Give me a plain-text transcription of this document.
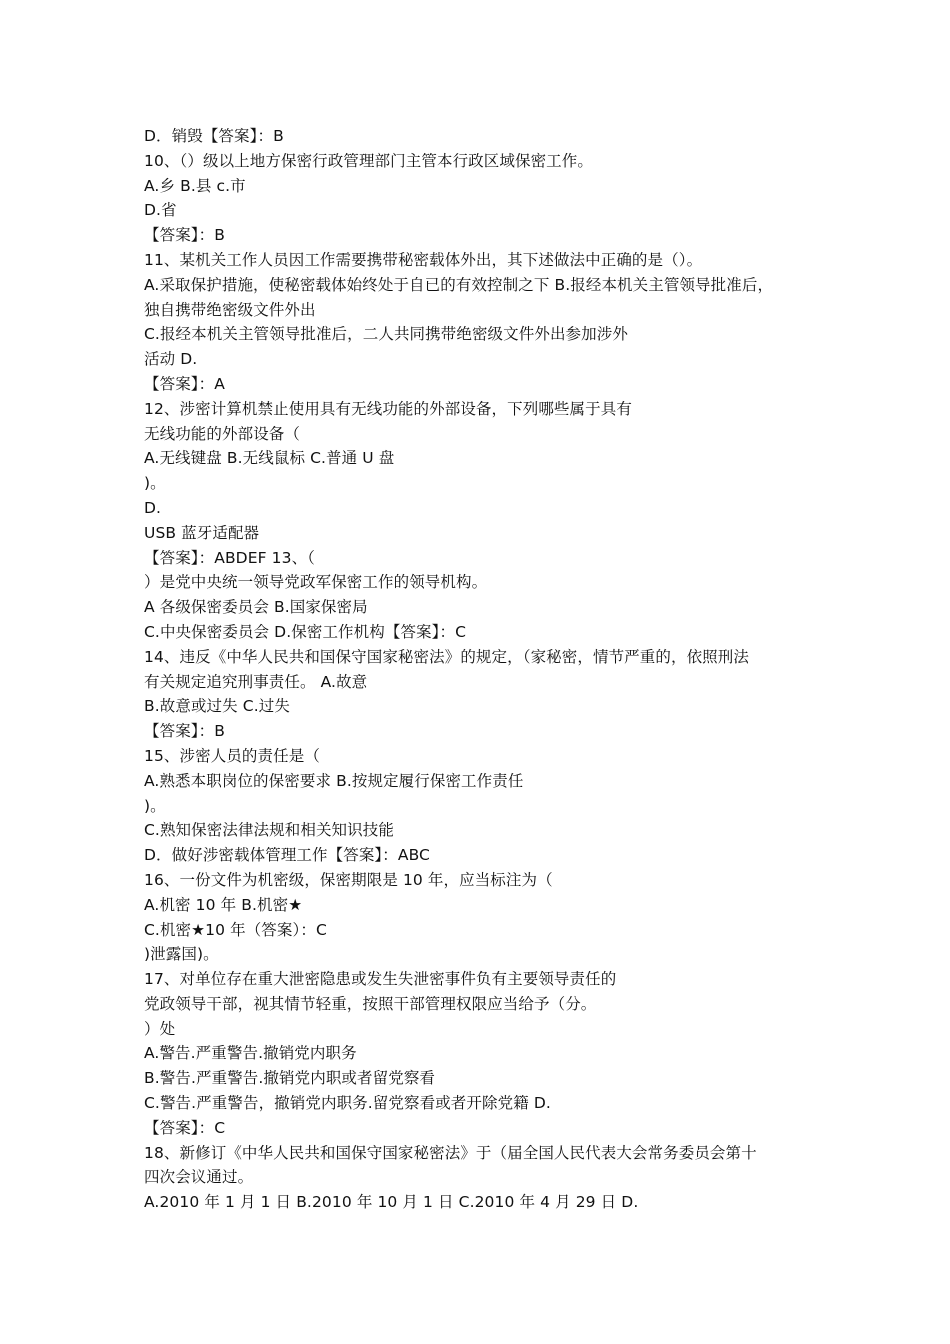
D．销毁【答案】：B
10、（）级以上地方保密行政管理部门主管本行政区域保密工作。
A.乡 B.县 c.市
D.省
【答案】：B
11、某机关工作人员因工作需要携带秘密载体外出，其下述做法中正确的是（）。
A.采取保护措施，使秘密载体始终处于自已的有效控制之下 B.报经本机关主管领导批准后，
独自携带绝密级文件外出
C.报经本机关主管领导批准后，二人共同携带绝密级文件外出参加涉外
活动 D.
【答案】：A
12、涉密计算机禁止使用具有无线功能的外部设备，下列哪些属于具有
无线功能的外部设备（
A.无线键盘 B.无线鼠标 C.普通 U 盘
)。
D.
USB 蓝牙适配器
【答案】：ABDEF 13、（
）是党中央统一领导党政军保密工作的领导机构。
A 各级保密委员会 B.国家保密局
C.中央保密委员会 D.保密工作机构【答案】：C
14、违反《中华人民共和国保守国家秘密法》的规定，（家秘密，情节严重的，依照刑法
有关规定追究刑事责任。 A.故意
B.故意或过失 C.过失
【答案】：B
15、涉密人员的责任是（
A.熟悉本职岗位的保密要求 B.按规定履行保密工作责任
)。
C.熟知保密法律法规和相关知识技能
D．做好涉密载体管理工作【答案】：ABC
16、一份文件为机密级，保密期限是 10 年，应当标注为（
A.机密 10 年 B.机密★
C.机密★10 年（答案）：C
)泄露国)。
17、对单位存在重大泄密隐患或发生失泄密事件负有主要领导责任的
党政领导干部，视其情节轻重，按照干部管理权限应当给予（分。
）处
A.警告.严重警告.撤销党内职务
B.警告.严重警告.撤销党内职或者留党察看
C.警告.严重警告，撤销党内职务.留党察看或者开除党籍 D.
【答案】：C
18、新修订《中华人民共和国保守国家秘密法》于（届全国人民代表大会常务委员会第十
四次会议通过。
A.2010 年 1 月 1 日 B.2010 年 10 月 1 日 C.2010 年 4 月 29 日 D.
